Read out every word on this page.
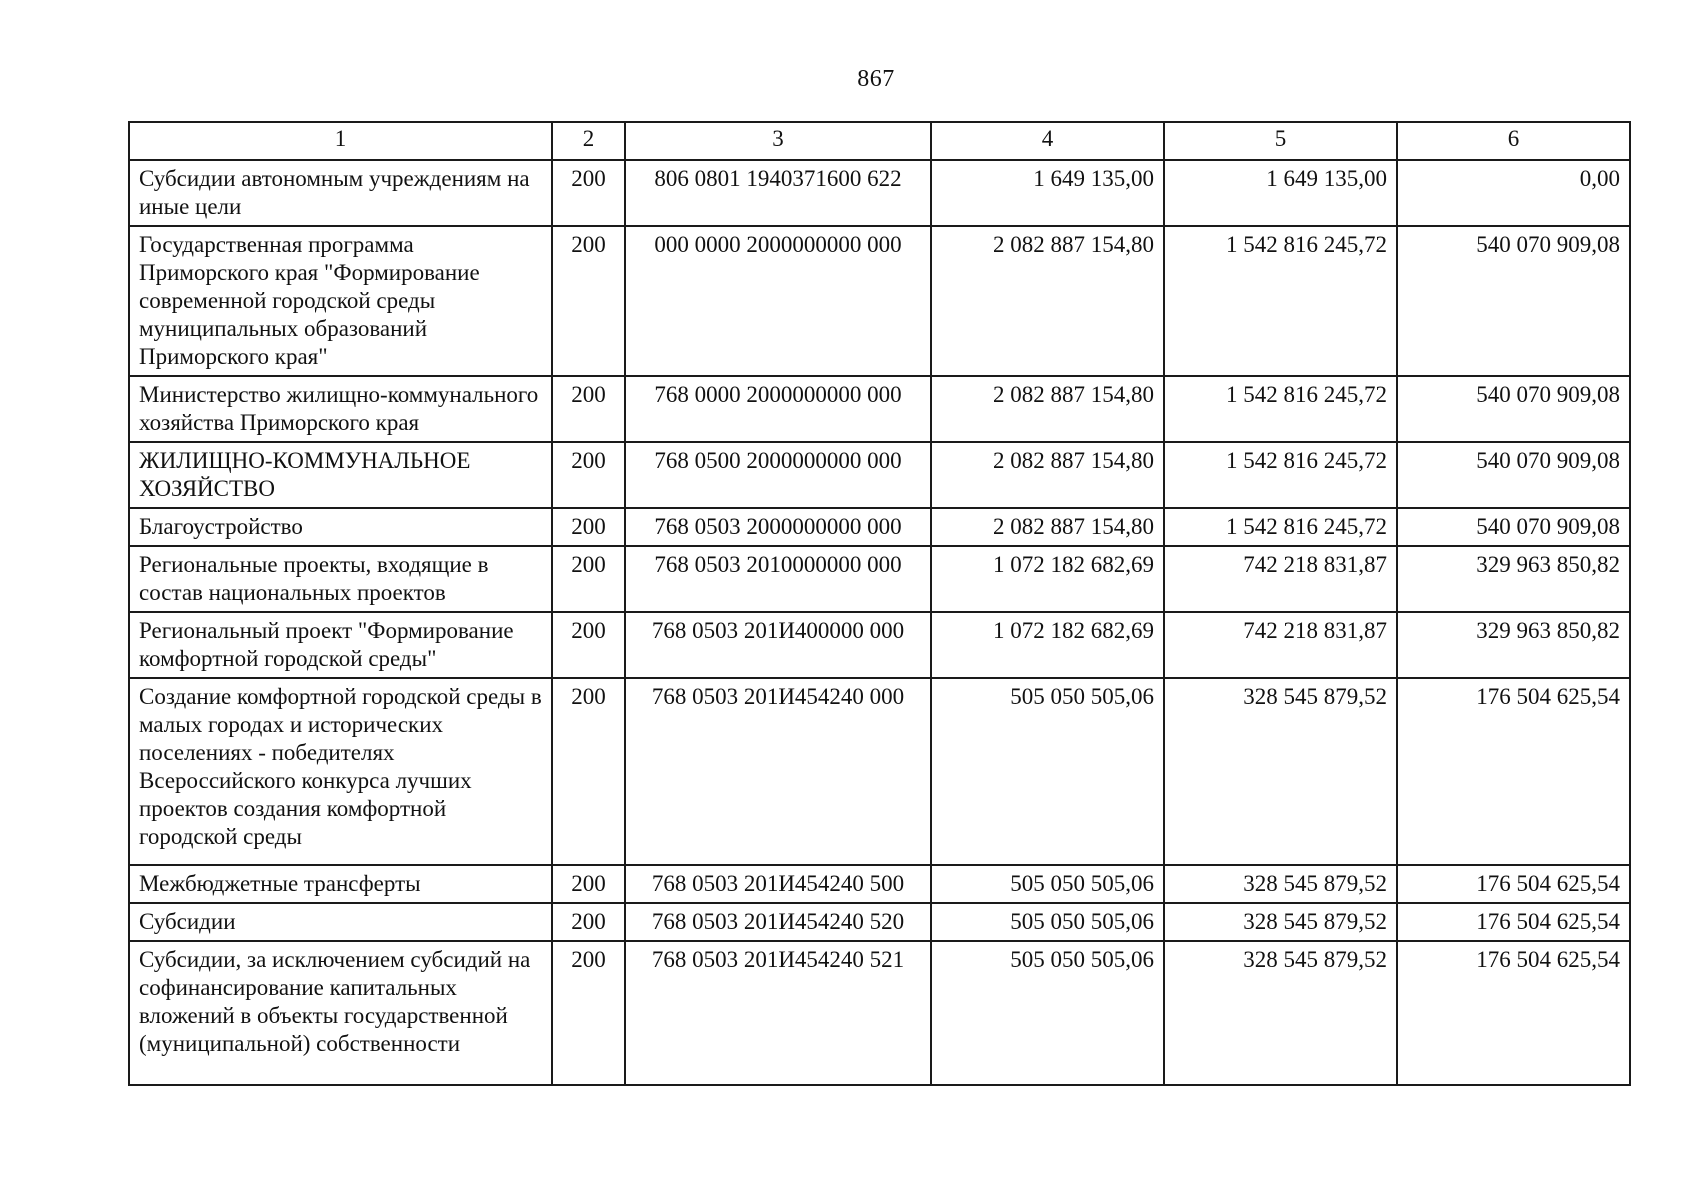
867
1	2	3	4	5	6
Субсидии автономным учреждениям на иные цели	200	806 0801 1940371600 622	1 649 135,00	1 649 135,00	0,00
Государственная программа Приморского края "Формирование современной городской среды муниципальных образований Приморского края"	200	000 0000 2000000000 000	2 082 887 154,80	1 542 816 245,72	540 070 909,08
Министерство жилищно-коммунального хозяйства Приморского края	200	768 0000 2000000000 000	2 082 887 154,80	1 542 816 245,72	540 070 909,08
ЖИЛИЩНО-КОММУНАЛЬНОЕ ХОЗЯЙСТВО	200	768 0500 2000000000 000	2 082 887 154,80	1 542 816 245,72	540 070 909,08
Благоустройство	200	768 0503 2000000000 000	2 082 887 154,80	1 542 816 245,72	540 070 909,08
Региональные проекты, входящие в состав национальных проектов	200	768 0503 2010000000 000	1 072 182 682,69	742 218 831,87	329 963 850,82
Региональный проект "Формирование комфортной городской среды"	200	768 0503 201И400000 000	1 072 182 682,69	742 218 831,87	329 963 850,82
Создание комфортной городской среды в малых городах и исторических поселениях - победителях Всероссийского конкурса лучших проектов создания комфортной городской среды	200	768 0503 201И454240 000	505 050 505,06	328 545 879,52	176 504 625,54
Межбюджетные трансферты	200	768 0503 201И454240 500	505 050 505,06	328 545 879,52	176 504 625,54
Субсидии	200	768 0503 201И454240 520	505 050 505,06	328 545 879,52	176 504 625,54
Субсидии, за исключением субсидий на софинансирование капитальных вложений в объекты государственной (муниципальной) собственности	200	768 0503 201И454240 521	505 050 505,06	328 545 879,52	176 504 625,54
